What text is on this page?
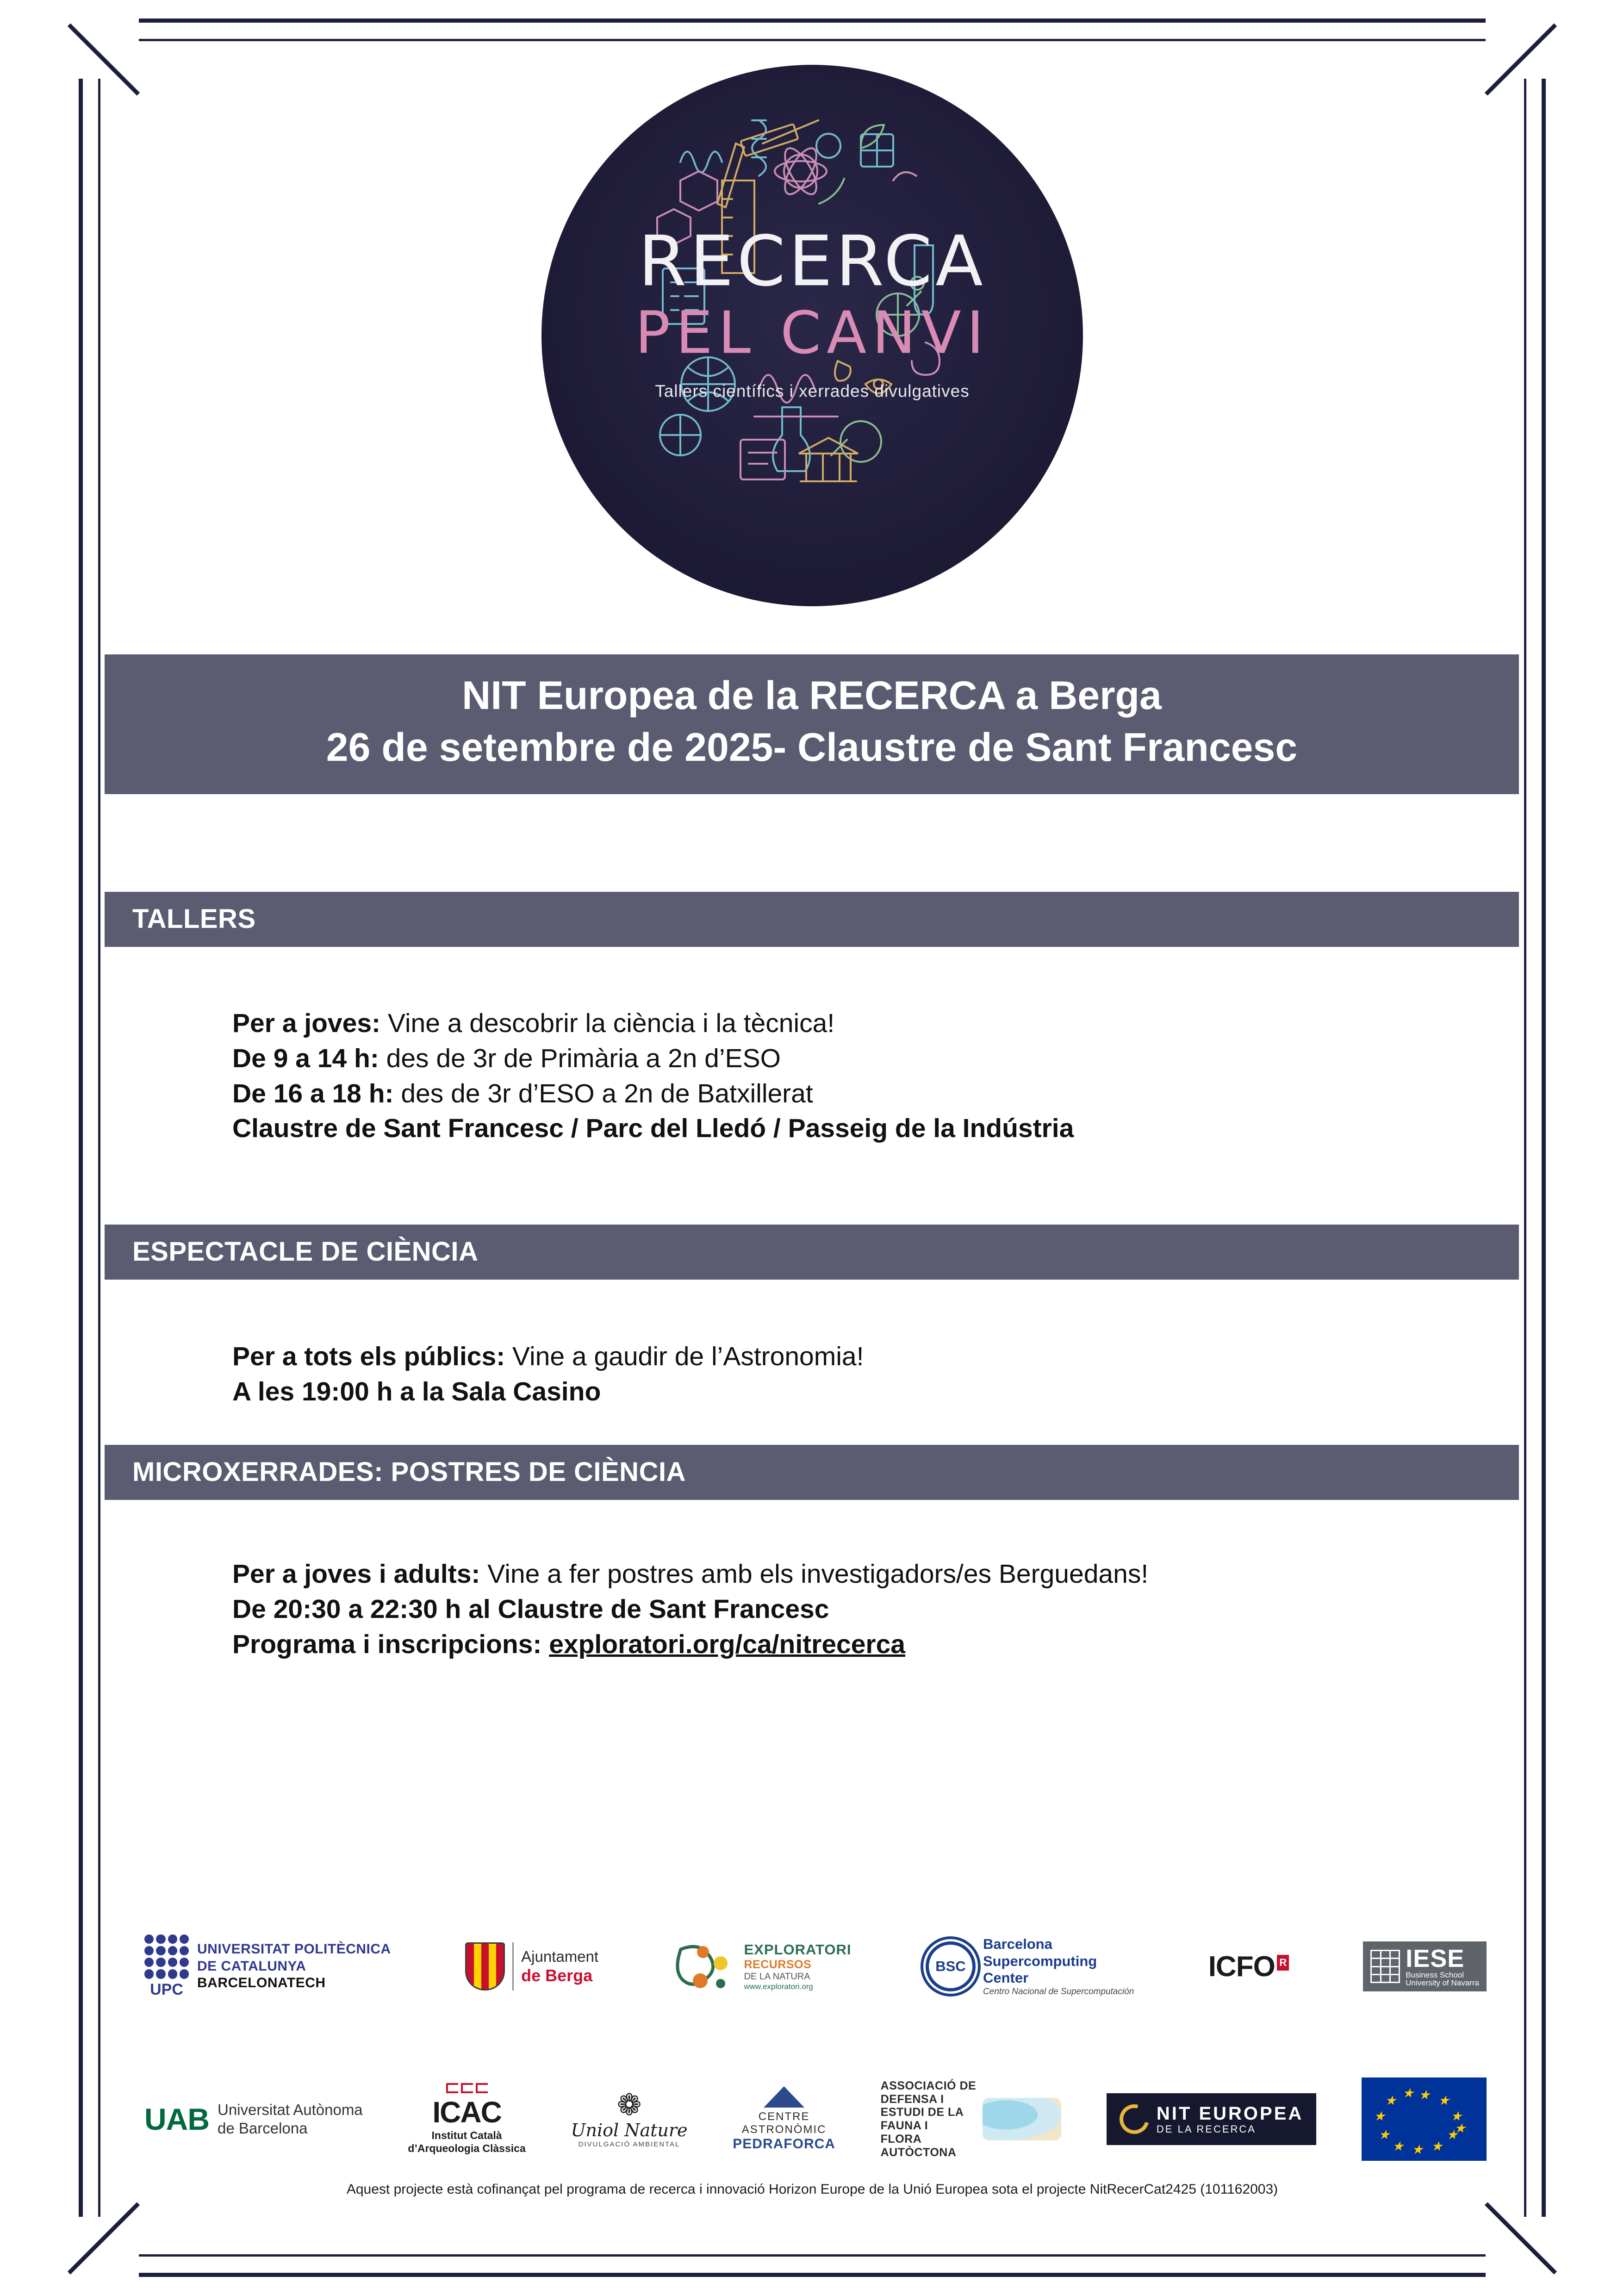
RECERCA
PEL CANVI
Tallers científics i xerrades divulgatives
NIT Europea de la RECERCA a Berga
26 de setembre de 2025- Claustre de Sant Francesc
TALLERS
Per a joves: Vine a descobrir la ciència i la tècnica!
De 9 a 14 h: des de 3r de Primària a 2n d’ESO
De 16 a 18 h: des de 3r d’ESO a 2n de Batxillerat
Claustre de Sant Francesc / Parc del Lledó / Passeig de la Indústria
ESPECTACLE DE CIÈNCIA
Per a tots els públics: Vine a gaudir de l’Astronomia!
A les 19:00 h a la Sala Casino
MICROXERRADES: POSTRES DE CIÈNCIA
Per a joves i adults: Vine a fer postres amb els investigadors/es Berguedans!
De 20:30 a 22:30 h al Claustre de Sant Francesc
Programa i inscripcions: exploratori.org/ca/nitrecerca
UPC
UNIVERSITAT POLITÈCNICA
DE CATALUNYA
BARCELONATECH
Ajuntament
de Berga
EXPLORATORI
RECURSOS
DE LA NATURA
www.exploratori.org
BSC
Barcelona
Supercomputing
Center
Centro Nacional de Supercomputación
ICFO R	IESE
Business School
University of Navarra
UAB Universitat Autònoma
de Barcelona	ICAC
Institut Català
d’Arqueologia Clàssica
❁
Uniol Nature
DIVULGACIÓ AMBIENTAL
CENTRE
ASTRONÒMIC
PEDRAFORCA
ASSOCIACIÓ DE
DEFENSA I
ESTUDI DE LA
FAUNA I
FLORA
AUTÒCTONA
NIT EUROPEA
DE LA RECERCA
★ ★
★
★
★
★
★
★
★
★
★
★
Aquest projecte està cofinançat pel programa de recerca i innovació Horizon Europe de la Unió Europea sota el projecte NitRecerCat2425 (101162003)
